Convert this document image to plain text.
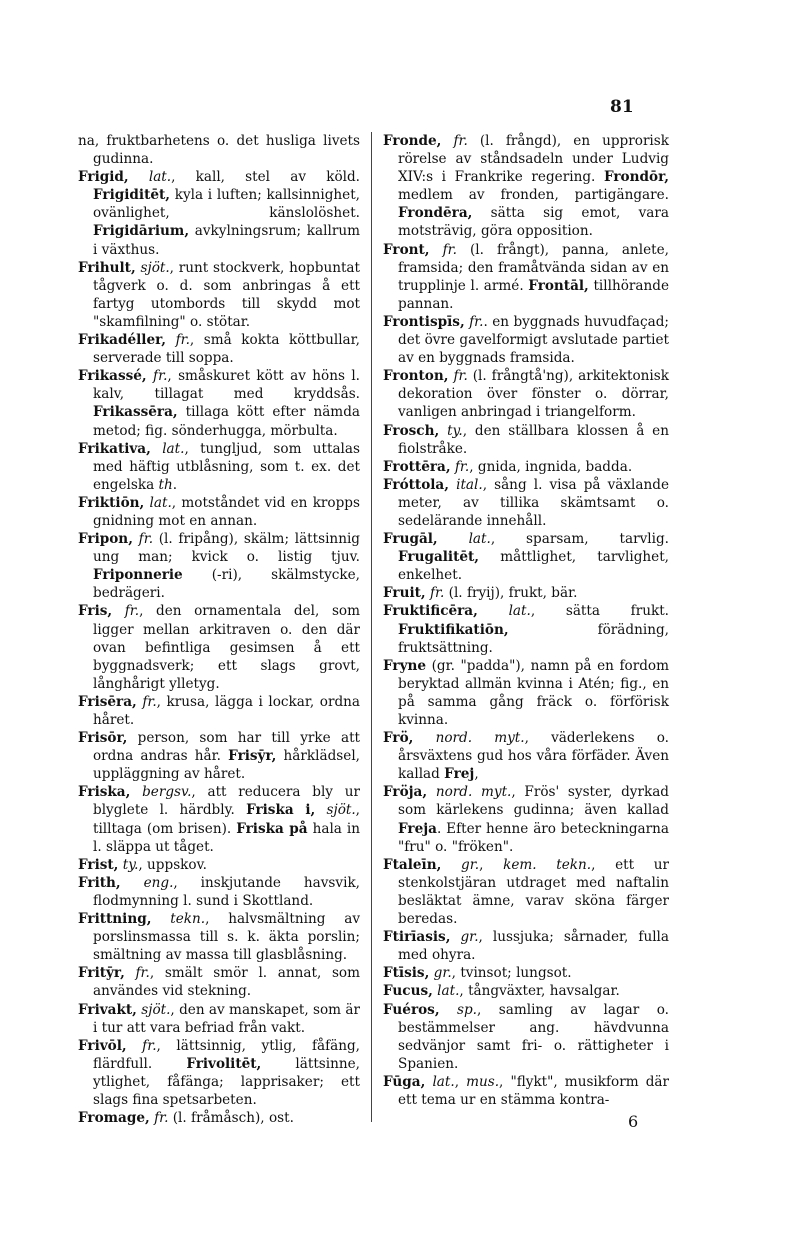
81

na, fruktbarhetens o. det husliga livets gudinna.

Frigid, lat., kall, stel av köld. Frigiditēt, kyla i luften; kallsinnighet, ovänlighet, känslolöshet. Frigidārium, avkylningsrum; kallrum i växthus.

Frihult, sjöt., runt stockverk, hopbuntat tågverk o. d. som anbringas å ett fartyg utombords till skydd mot "skamfilning" o. stötar.

Frikadéller, fr., små kokta köttbullar, serverade till soppa.

Frikassé, fr., småskuret kött av höns l. kalv, tillagat med kryddsås. Frikassēra, tillaga kött efter nämda metod; fig. sönderhugga, mörbulta.

Frikativa, lat., tungljud, som uttalas med häftig utblåsning, som t. ex. det engelska th.

Friktiōn, lat., motståndet vid en kropps gnidning mot en annan.

Fripon, fr. (l. fripång), skälm; lättsinnig ung man; kvick o. listig tjuv. Friponnerie (-ri), skälmstycke, bedrägeri.

Fris, fr., den ornamentala del, som ligger mellan arkitraven o. den där ovan befintliga gesimsen å ett byggnadsverk; ett slags grovt, långhårigt ylletyg.

Frisēra, fr., krusa, lägga i lockar, ordna håret.

Frisōr, person, som har till yrke att ordna andras hår. Frisȳr, hårklädsel, uppläggning av håret.

Friska, bergsv., att reducera bly ur blyglete l. härdbly. Friska i, sjöt., tilltaga (om brisen). Friska på hala in l. släppa ut tåget.

Frist, ty., uppskov.

Frith, eng., inskjutande havsvik, flodmynning l. sund i Skottland.

Frittning, tekn., halvsmältning av porslinsmassa till s. k. äkta porslin; smältning av massa till glasblåsning.

Fritȳr, fr., smält smör l. annat, som användes vid stekning.

Frivakt, sjöt., den av manskapet, som är i tur att vara befriad från vakt.

Frivōl, fr., lättsinnig, ytlig, fåfäng, flärdfull. Frivolitēt, lättsinne, ytlighet, fåfänga; lapprisaker; ett slags fina spetsarbeten.

Fromage, fr. (l. fråmåsch), ost.

Fronde, fr. (l. frångd), en upprorisk rörelse av ståndsadeln under Ludvig XIV:s i Frankrike regering. Frondōr, medlem av fronden, partigängare. Frondēra, sätta sig emot, vara motsträvig, göra opposition.

Front, fr. (l. frångt), panna, anlete, framsida; den framåtvända sidan av en trupplinje l. armé. Frontāl, tillhörande pannan.

Frontispīs, fr.. en byggnads huvudfaçad; det övre gavelformigt avslutade partiet av en byggnads framsida.

Fronton, fr. (l. frångtå'ng), arkitektonisk dekoration över fönster o. dörrar, vanligen anbringad i triangelform.

Frosch, ty., den ställbara klossen å en fiolstråke.

Frottēra, fr., gnida, ingnida, badda.

Fróttola, ital., sång l. visa på växlande meter, av tillika skämtsamt o. sedelärande innehåll.

Frugāl, lat., sparsam, tarvlig. Frugalitēt, måttlighet, tarvlighet, enkelhet.

Fruit, fr. (l. fryij), frukt, bär.

Fruktificēra, lat., sätta frukt. Fruktifikatiōn, förädning, fruktsättning.

Fryne (gr. "padda"), namn på en fordom beryktad allmän kvinna i Atén; fig., en på samma gång fräck o. förförisk kvinna.

Frö, nord. myt., väderlekens o. årsväxtens gud hos våra förfäder. Även kallad Frej,

Fröja, nord. myt., Frös' syster, dyrkad som kärlekens gudinna; även kallad Freja. Efter henne äro beteckningarna "fru" o. "fröken".

Ftaleīn, gr., kem. tekn., ett ur stenkolstjäran utdraget med naftalin besläktat ämne, varav sköna färger beredas.

Ftirīasis, gr., lussjuka; sårnader, fulla med ohyra.

Ftīsis, gr., tvinsot; lungsot.

Fucus, lat., tångväxter, havsalgar.

Fuéros, sp., samling av lagar o. bestämmelser ang. hävdvunna sedvänjor samt fri- o. rättigheter i Spanien.

Fūga, lat., mus., "flykt", musikform där ett tema ur en stämma kontra-

6
